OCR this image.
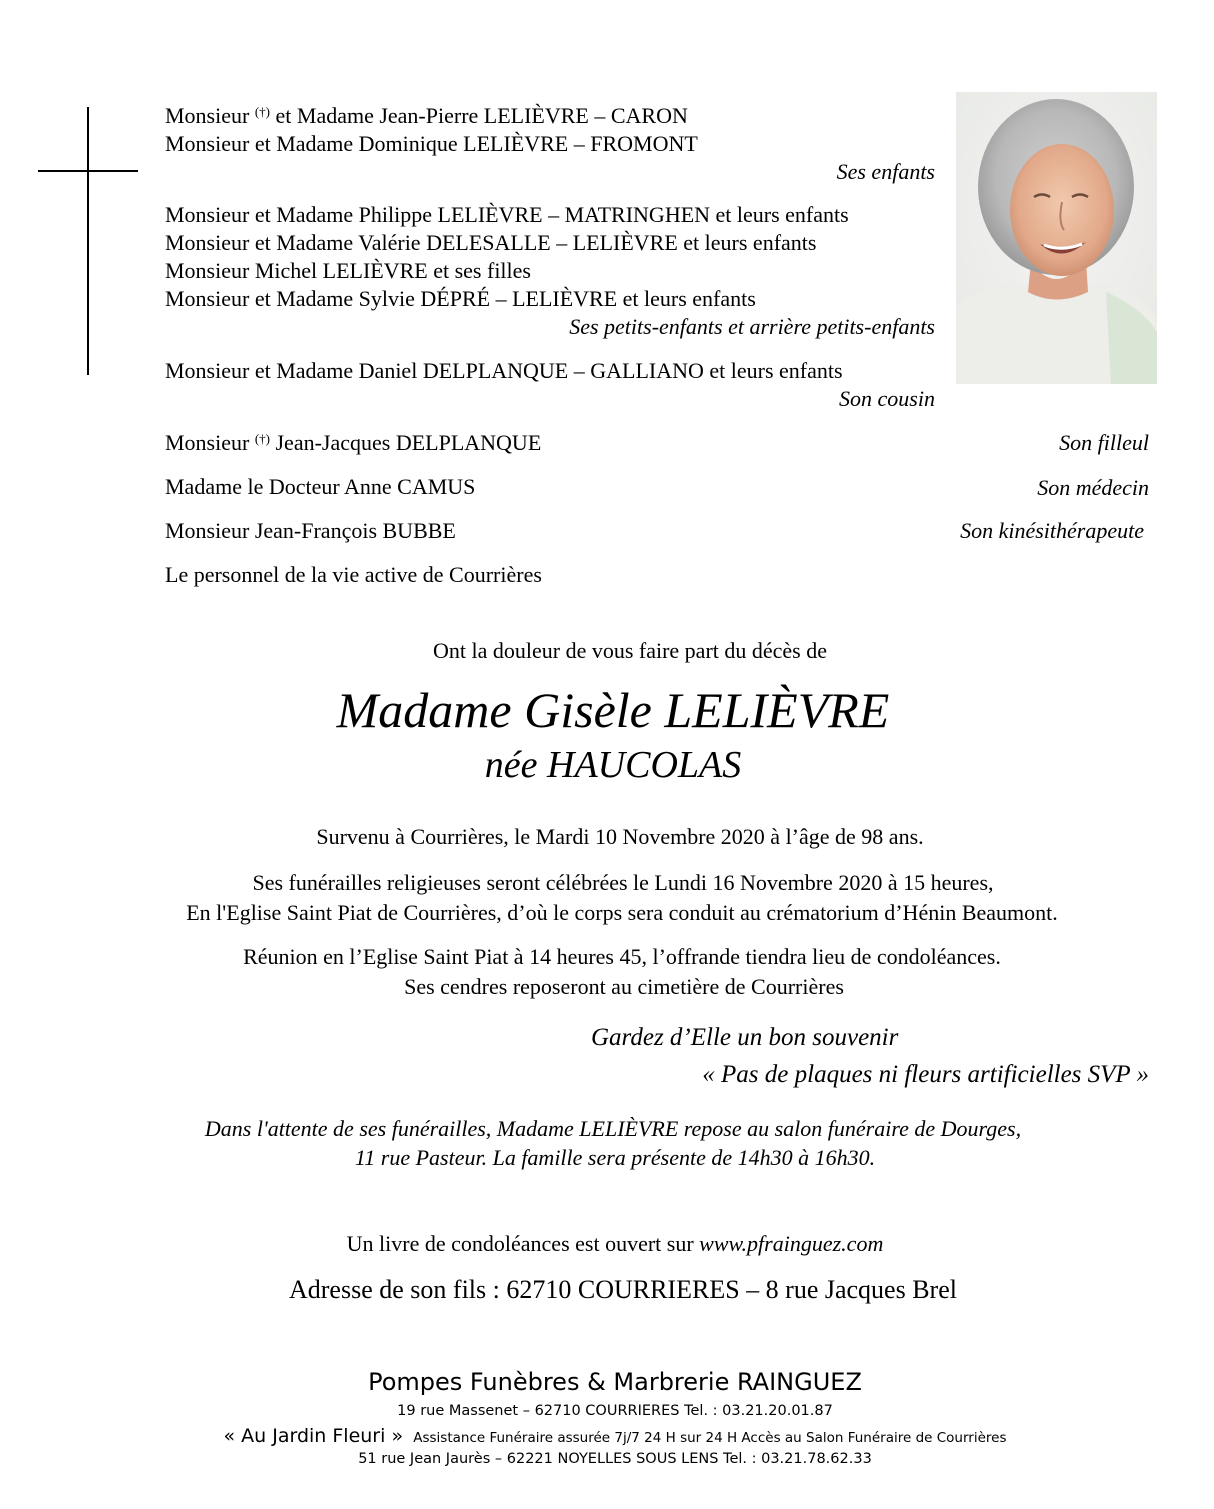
Monsieur (†) et Madame Jean-Pierre LELIÈVRE – CARON
Monsieur et Madame Dominique LELIÈVRE – FROMONT
Ses enfants
Monsieur et Madame Philippe LELIÈVRE – MATRINGHEN et leurs enfants
Monsieur et Madame Valérie DELESALLE – LELIÈVRE et leurs enfants
Monsieur Michel LELIÈVRE et ses filles
Monsieur et Madame Sylvie DÉPRÉ – LELIÈVRE et leurs enfants
Ses petits-enfants et arrière petits-enfants
Monsieur et Madame Daniel DELPLANQUE – GALLIANO et leurs enfants
Son cousin
Monsieur (†) Jean-Jacques DELPLANQUE	Son filleul
Madame le Docteur Anne CAMUS	Son médecin
Monsieur Jean-François BUBBE	Son kinésithérapeute
Le personnel de la vie active de Courrières
Ont la douleur de vous faire part du décès de
Madame Gisèle LELIÈVRE
née HAUCOLAS
Survenu à Courrières, le Mardi 10 Novembre 2020 à l’âge de 98 ans.
Ses funérailles religieuses seront célébrées le Lundi 16 Novembre 2020 à 15 heures,
En l'Eglise Saint Piat de Courrières, d’où le corps sera conduit au crématorium d’Hénin Beaumont.
Réunion en l’Eglise Saint Piat à 14 heures 45, l’offrande tiendra lieu de condoléances.
Ses cendres reposeront au cimetière de Courrières
Gardez d’Elle un bon souvenir
« Pas de plaques ni fleurs artificielles SVP »
Dans l'attente de ses funérailles, Madame LELIÈVRE repose au salon funéraire de Dourges,
11 rue Pasteur. La famille sera présente de 14h30 à 16h30.
Un livre de condoléances est ouvert sur www.pfrainguez.com
Adresse de son fils : 62710 COURRIERES – 8 rue Jacques Brel
Pompes Funèbres & Marbrerie RAINGUEZ
19 rue Massenet – 62710 COURRIERES Tel. : 03.21.20.01.87
« Au Jardin Fleuri » Assistance Funéraire assurée 7j/7 24 H sur 24 H Accès au Salon Funéraire de Courrières
51 rue Jean Jaurès – 62221 NOYELLES SOUS LENS Tel. : 03.21.78.62.33
